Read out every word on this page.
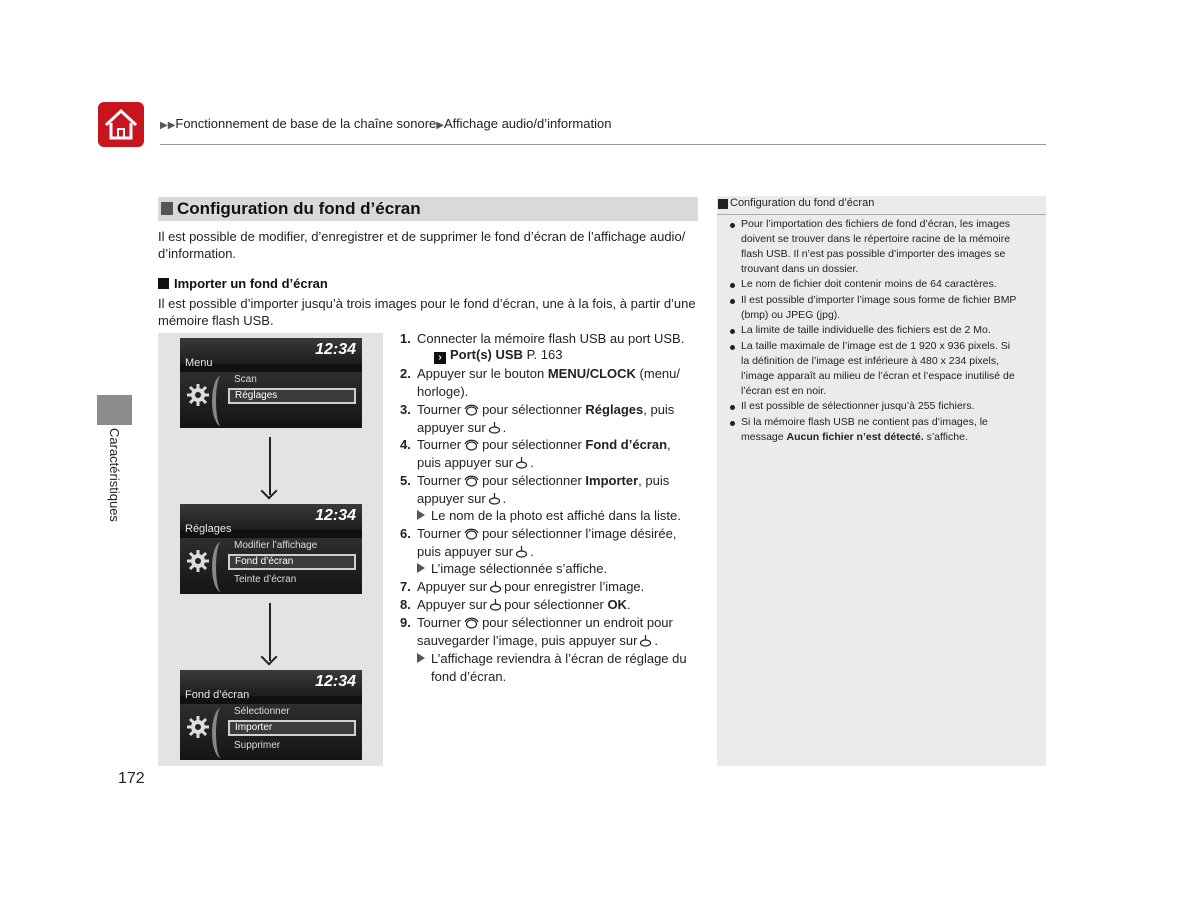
▶▶Fonctionnement de base de la chaîne sonore▶Affichage audio/d’information
Caractéristiques
Configuration du fond d’écran
Il est possible de modifier, d’enregistrer et de supprimer le fond d’écran de l’affichage audio/
d’information.
Importer un fond d’écran
Il est possible d’importer jusqu’à trois images pour le fond d’écran, une à la fois, à partir d’une
mémoire flash USB.
12:34
Menu
Scan
Réglages
12:34
Réglages
Modifier l’affichage
Fond d’écran
Teinte d’écran
12:34
Fond d’écran
Sélectionner
Importer
Supprimer
1. Connecter la mémoire flash USB au port USB.
› Port(s) USB P. 163
2. Appuyer sur le bouton MENU/CLOCK (menu/
horloge).
3. Tourner pour sélectionner Réglages, puis
appuyer sur .
4. Tourner pour sélectionner Fond d’écran,
puis appuyer sur .
5. Tourner pour sélectionner Importer, puis
appuyer sur .
Le nom de la photo est affiché dans la liste.
6. Tourner pour sélectionner l’image désirée,
puis appuyer sur .
L’image sélectionnée s’affiche.
7. Appuyer sur pour enregistrer l’image.
8. Appuyer sur pour sélectionner OK.
9. Tourner pour sélectionner un endroit pour
sauvegarder l’image, puis appuyer sur .
L’affichage reviendra à l’écran de réglage du
fond d’écran.
Configuration du fond d’écran
Pour l’importation des fichiers de fond d’écran, les images
doivent se trouver dans le répertoire racine de la mémoire
flash USB. Il n’est pas possible d’importer des images se
trouvant dans un dossier.
Le nom de fichier doit contenir moins de 64 caractères.
Il est possible d’importer l’image sous forme de fichier BMP
(bmp) ou JPEG (jpg).
La limite de taille individuelle des fichiers est de 2 Mo.
La taille maximale de l’image est de 1 920 x 936 pixels. Si
la définition de l’image est inférieure à 480 x 234 pixels,
l’image apparaît au milieu de l’écran et l’espace inutilisé de
l’écran est en noir.
Il est possible de sélectionner jusqu’à 255 fichiers.
Si la mémoire flash USB ne contient pas d’images, le
message Aucun fichier n’est détecté. s’affiche.
172
